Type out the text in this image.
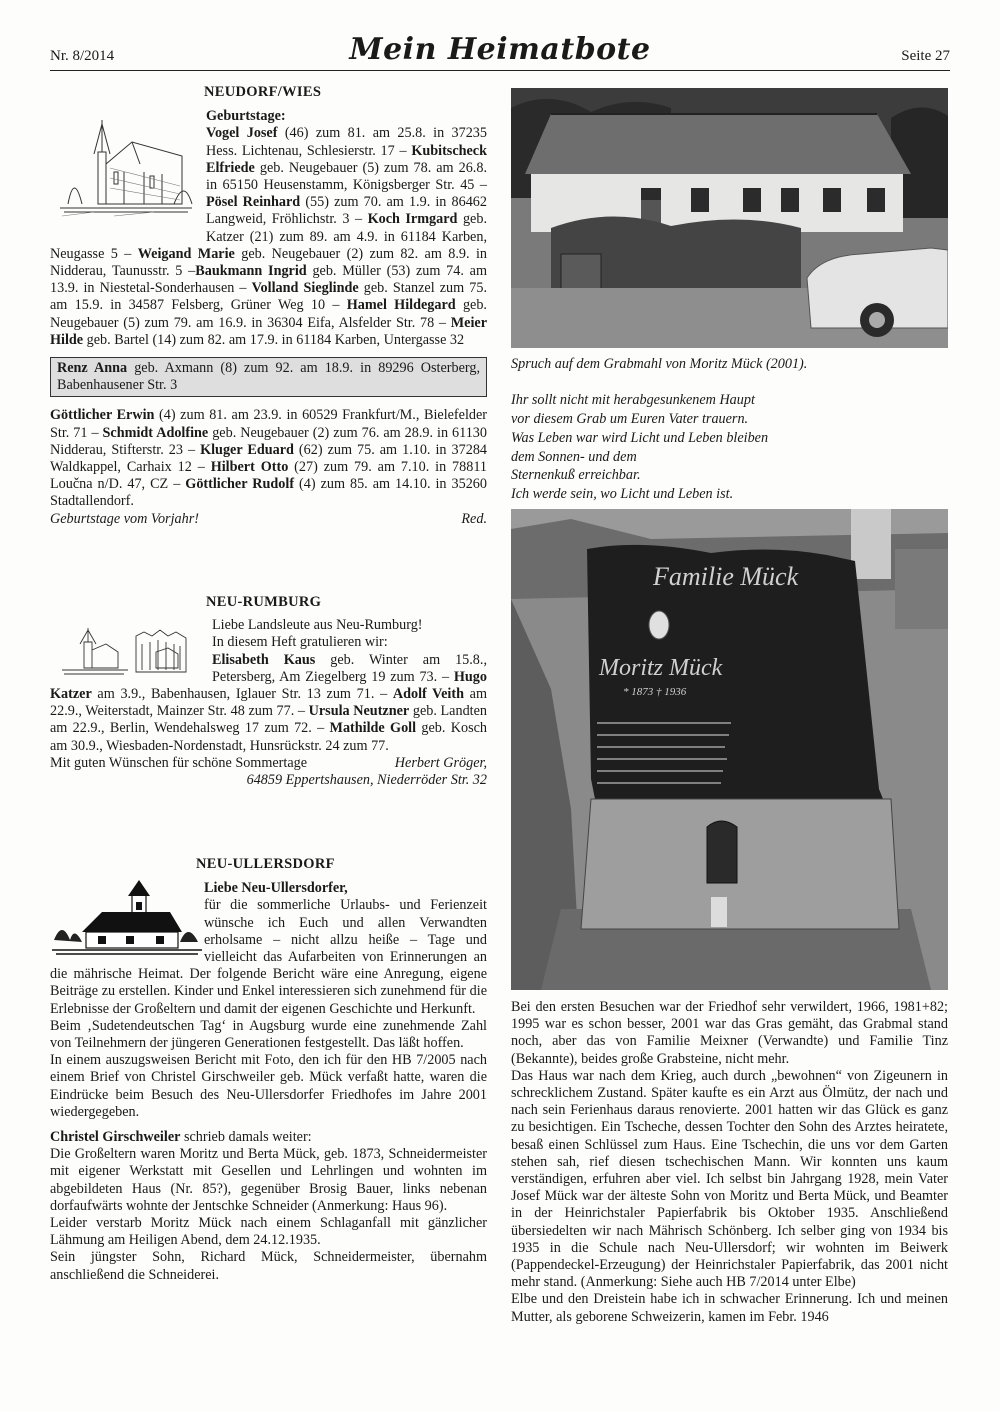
Nr. 8/2014	Mein Heimatbote	Seite 27
NEUDORF/WIES
Geburtstage:

Vogel Josef (46) zum 81. am 25.8. in 37235 Hess. Lichtenau, Schlesierstr. 17 – Kubitscheck Elfriede geb. Neugebauer (5) zum 78. am 26.8. in 65150 Heusenstamm, Königsberger Str. 45 – Pösel Reinhard (55) zum 70. am 1.9. in 86462 Langweid, Fröhlichstr. 3 – Koch Irmgard geb. Katzer (21) zum 89. am 4.9. in 61184 Karben, Neugasse 5 – Weigand Marie geb. Neugebauer (2) zum 82. am 8.9. in Nidderau, Taunusstr. 5 –Baukmann Ingrid geb. Müller (53) zum 74. am 13.9. in Niestetal-Sonderhausen – Volland Sieglinde geb. Stanzel zum 75. am 15.9. in 34587 Felsberg, Grüner Weg 10 – Hamel Hildegard geb. Neugebauer (5) zum 79. am 16.9. in 36304 Eifa, Alsfelder Str. 78 – Meier Hilde geb. Bartel (14) zum 82. am 17.9. in 61184 Karben, Untergasse 32

Renz Anna geb. Axmann (8) zum 92. am 18.9. in 89296 Osterberg, Babenhausener Str. 3

Göttlicher Erwin (4) zum 81. am 23.9. in 60529 Frankfurt/M., Bielefelder Str. 71 – Schmidt Adolfine geb. Neugebauer (2) zum 76. am 28.9. in 61130 Nidderau, Stifterstr. 23 – Kluger Eduard (62) zum 75. am 1.10. in 37284 Waldkappel, Carhaix 12 – Hilbert Otto (27) zum 79. am 7.10. in 78811 Loučna n/D. 47, CZ – Göttlicher Rudolf (4) zum 85. am 14.10. in 35260 Stadtallendorf.

Geburtstage vom Vorjahr!	Red.
NEU-RUMBURG
Liebe Landsleute aus Neu-Rumburg!
In diesem Heft gratulieren wir:

Elisabeth Kaus geb. Winter am 15.8., Petersberg, Am Ziegelberg 19 zum 73. – Hugo Katzer am 3.9., Babenhausen, Iglauer Str. 13 zum 71. – Adolf Veith am 22.9., Weiterstadt, Mainzer Str. 48 zum 77. – Ursula Neutzner geb. Landten am 22.9., Berlin, Wendehalsweg 17 zum 72. – Mathilde Goll geb. Kosch am 30.9., Wiesbaden-Nordenstadt, Hunsrückstr. 24 zum 77.

Mit guten Wünschen für schöne Sommertage	Herbert Gröger,
64859 Eppertshausen, Niederröder Str. 32
NEU-ULLERSDORF
Liebe Neu-Ullersdorfer,

für die sommerliche Urlaubs- und Ferienzeit wünsche ich Euch und allen Verwandten erholsame – nicht allzu heiße – Tage und vielleicht das Aufarbeiten von Erinnerungen an die mährische Heimat. Der folgende Bericht wäre eine Anregung, eigene Beiträge zu erstellen. Kinder und Enkel interessieren sich zunehmend für die Erlebnisse der Großeltern und damit der eigenen Geschichte und Herkunft.

Beim ‚Sudetendeutschen Tag‘ in Augsburg wurde eine zunehmende Zahl von Teilnehmern der jüngeren Generationen festgestellt. Das läßt hoffen.

In einem auszugsweisen Bericht mit Foto, den ich für den HB 7/2005 nach einem Brief von Christel Girschweiler geb. Mück verfaßt hatte, waren die Eindrücke beim Besuch des Neu-Ullersdorfer Friedhofes im Jahre 2001 wiedergegeben.

Christel Girschweiler schrieb damals weiter:

Die Großeltern waren Moritz und Berta Mück, geb. 1873, Schneidermeister mit eigener Werkstatt mit Gesellen und Lehrlingen und wohnten im abgebildeten Haus (Nr. 85?), gegenüber Brosig Bauer, links nebenan dorfaufwärts wohnte der Jentschke Schneider (Anmerkung: Haus 96).

Leider verstarb Moritz Mück nach einem Schlaganfall mit gänzlicher Lähmung am Heiligen Abend, dem 24.12.1935.

Sein jüngster Sohn, Richard Mück, Schneidermeister, übernahm anschließend die Schneiderei.

Spruch auf dem Grabmahl von Moritz Mück (2001).
Ihr sollt nicht mit herabgesunkenem Haupt
vor diesem Grab um Euren Vater trauern.
Was Leben war wird Licht und Leben bleiben
dem Sonnen- und dem
Sternenkuß erreichbar.
Ich werde sein, wo Licht und Leben ist.
Familie Mück
Moritz Mück
* 1873 † 1936

Bei den ersten Besuchen war der Friedhof sehr verwildert, 1966, 1981+82; 1995 war es schon besser, 2001 war das Gras gemäht, das Grabmal stand noch, aber das von Familie Meixner (Verwandte) und Familie Tinz (Bekannte), beides große Grabsteine, nicht mehr.

Das Haus war nach dem Krieg, auch durch „bewohnen“ von Zigeunern in schrecklichem Zustand. Später kaufte es ein Arzt aus Ölmütz, der nach und nach sein Ferienhaus daraus renovierte. 2001 hatten wir das Glück es ganz zu besichtigen. Ein Tscheche, dessen Tochter den Sohn des Arztes heiratete, besaß einen Schlüssel zum Haus. Eine Tschechin, die uns vor dem Garten stehen sah, rief diesen tschechischen Mann. Wir konnten uns kaum verständigen, erfuhren aber viel. Ich selbst bin Jahrgang 1928, mein Vater Josef Mück war der älteste Sohn von Moritz und Berta Mück, und Beamter in der Heinrichstaler Papierfabrik bis Oktober 1935. Anschließend übersiedelten wir nach Mährisch Schönberg. Ich selber ging von 1934 bis 1935 in die Schule nach Neu-Ullersdorf; wir wohnten im Beiwerk (Pappendeckel-Erzeugung) der Heinrichstaler Papierfabrik, das 2001 nicht mehr stand. (Anmerkung: Siehe auch HB 7/2014 unter Elbe)

Elbe und den Dreistein habe ich in schwacher Erinnerung. Ich und meinen Mutter, als geborene Schweizerin, kamen im Febr. 1946
